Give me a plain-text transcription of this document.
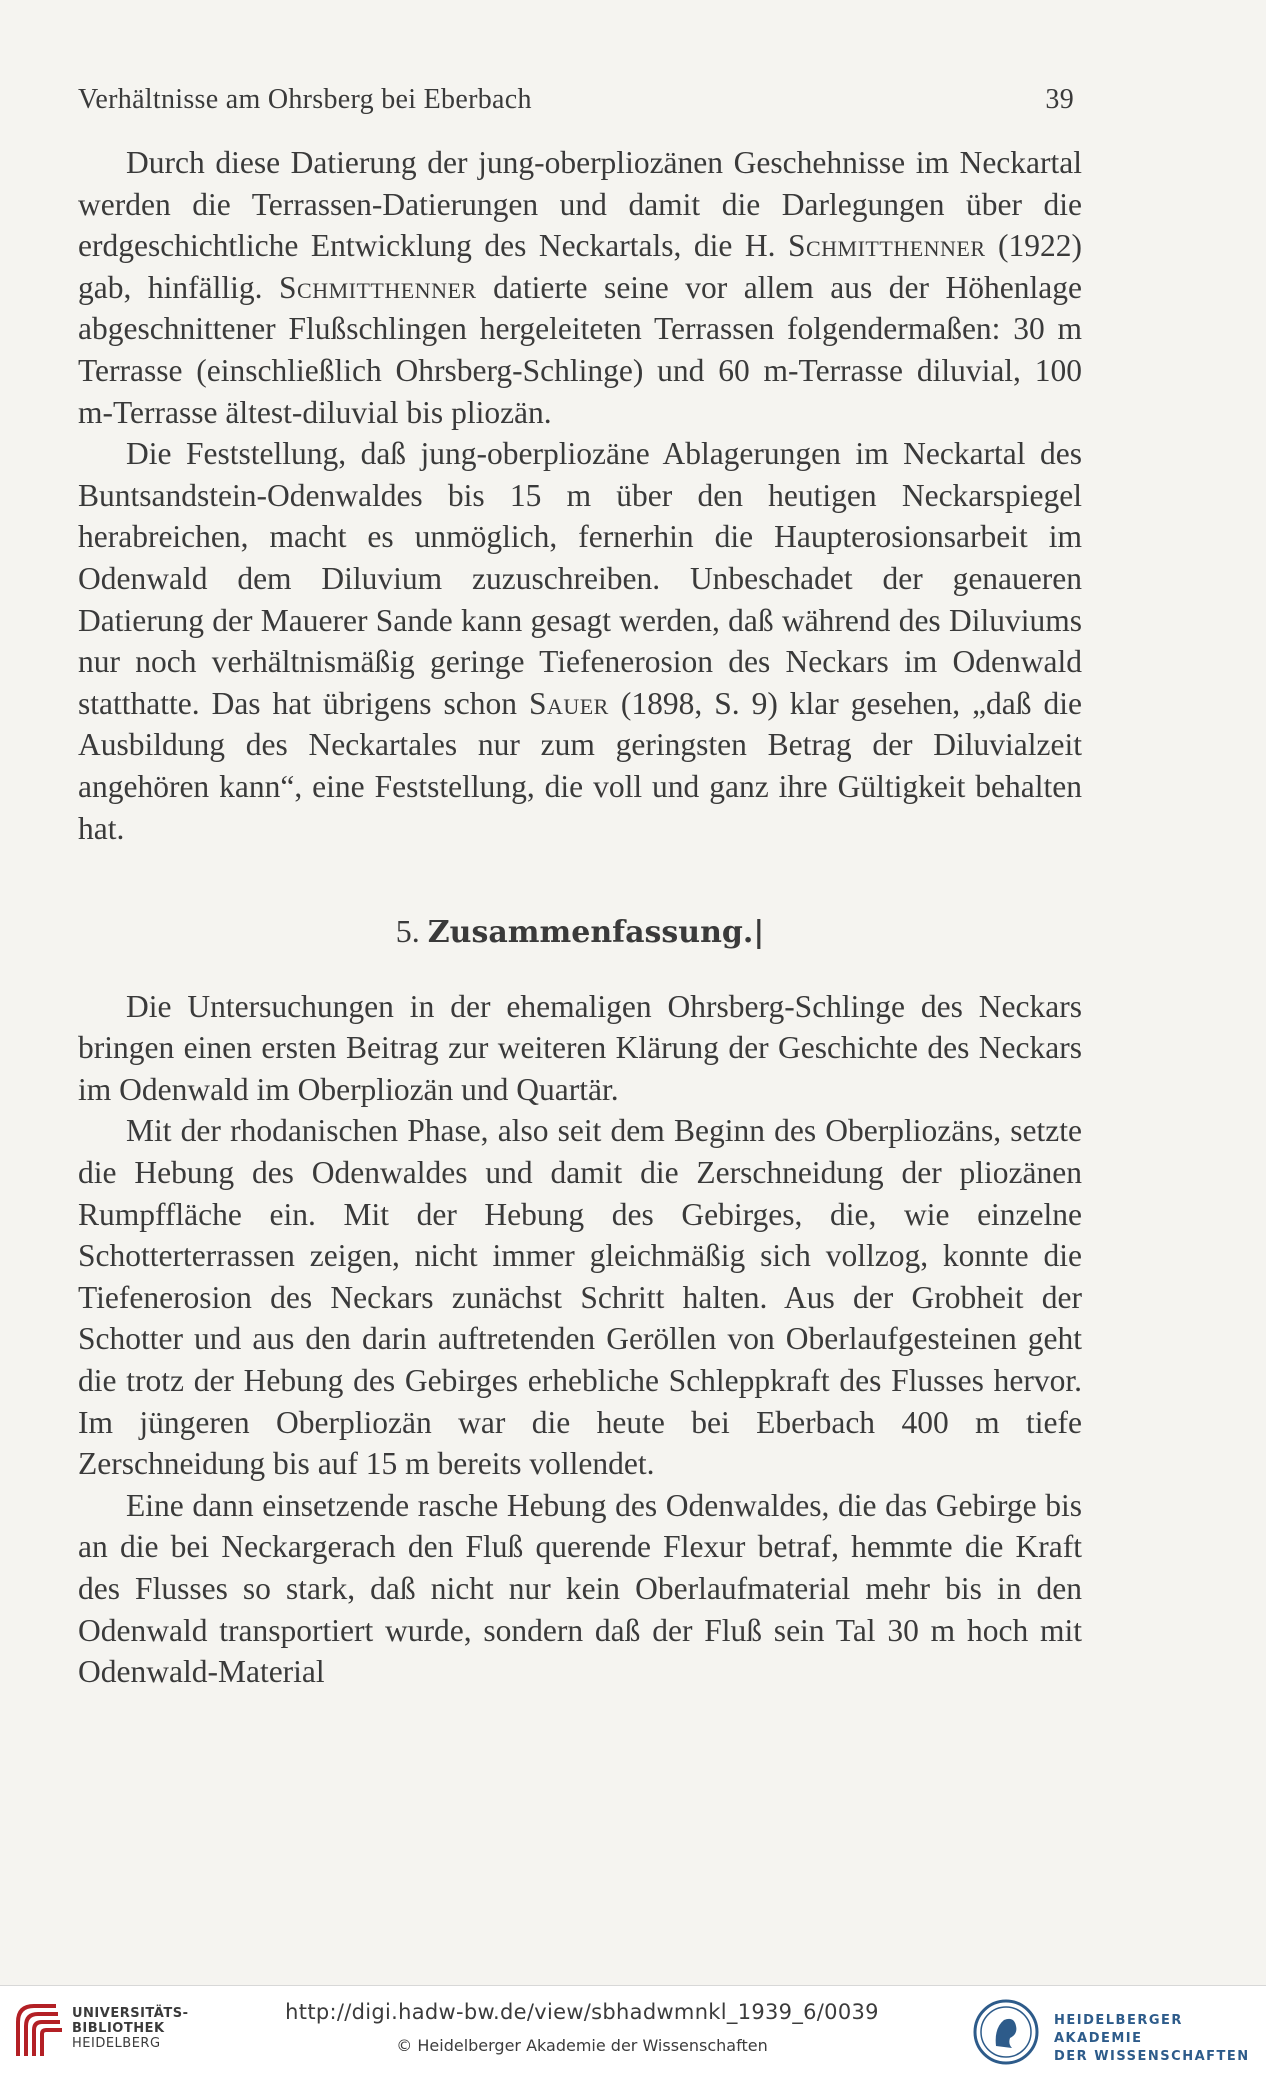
Verhältnisse am Ohrsberg bei Eberbach	39

Durch diese Datierung der jung-oberpliozänen Geschehnisse im Neckartal werden die Terrassen-Datierungen und damit die Darlegungen über die erdgeschichtliche Entwicklung des Neckartals, die H. Schmitthenner (1922) gab, hinfällig. Schmitthenner datierte seine vor allem aus der Höhenlage abgeschnittener Flußschlingen hergeleiteten Terrassen folgendermaßen: 30 m Terrasse (einschließlich Ohrsberg-Schlinge) und 60 m-Terrasse diluvial, 100 m-Terrasse ältest-diluvial bis pliozän.

Die Feststellung, daß jung-oberpliozäne Ablagerungen im Neckartal des Buntsandstein-Odenwaldes bis 15 m über den heutigen Neckarspiegel herabreichen, macht es unmöglich, fernerhin die Haupterosionsarbeit im Odenwald dem Diluvium zuzuschreiben. Unbeschadet der genaueren Datierung der Mauerer Sande kann gesagt werden, daß während des Diluviums nur noch verhältnismäßig geringe Tiefenerosion des Neckars im Odenwald statthatte. Das hat übrigens schon Sauer (1898, S. 9) klar gesehen, „daß die Ausbildung des Neckartales nur zum geringsten Betrag der Diluvialzeit angehören kann“, eine Feststellung, die voll und ganz ihre Gültigkeit behalten hat.

5. Zusammenfassung.|

Die Untersuchungen in der ehemaligen Ohrsberg-Schlinge des Neckars bringen einen ersten Beitrag zur weiteren Klärung der Geschichte des Neckars im Odenwald im Oberpliozän und Quartär.

Mit der rhodanischen Phase, also seit dem Beginn des Oberpliozäns, setzte die Hebung des Odenwaldes und damit die Zerschneidung der pliozänen Rumpffläche ein. Mit der Hebung des Gebirges, die, wie einzelne Schotterterrassen zeigen, nicht immer gleichmäßig sich vollzog, konnte die Tiefenerosion des Neckars zunächst Schritt halten. Aus der Grobheit der Schotter und aus den darin auftretenden Geröllen von Oberlaufgesteinen geht die trotz der Hebung des Gebirges erhebliche Schleppkraft des Flusses hervor. Im jüngeren Oberpliozän war die heute bei Eberbach 400 m tiefe Zerschneidung bis auf 15 m bereits vollendet.

Eine dann einsetzende rasche Hebung des Odenwaldes, die das Gebirge bis an die bei Neckargerach den Fluß querende Flexur betraf, hemmte die Kraft des Flusses so stark, daß nicht nur kein Oberlaufmaterial mehr bis in den Odenwald transportiert wurde, sondern daß der Fluß sein Tal 30 m hoch mit Odenwald-Material

UNIVERSITÄTS-
BIBLIOTHEK
HEIDELBERG
http://digi.hadw-bw.de/view/sbhadwmnkl_1939_6/0039
© Heidelberger Akademie der Wissenschaften
HEIDELBERGER AKADEMIE
DER WISSENSCHAFTEN
